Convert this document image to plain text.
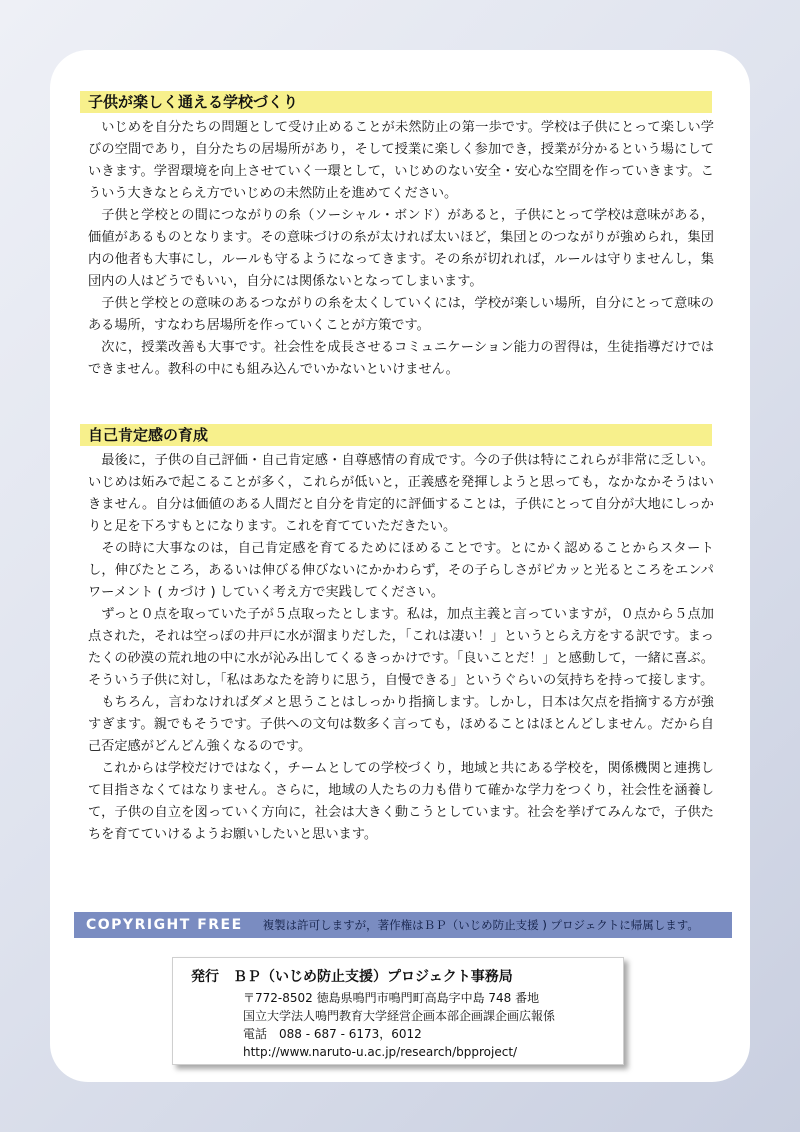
子供が楽しく通える学校づくり

いじめを自分たちの問題として受け止めることが未然防止の第一歩です。学校は子供にとって楽しい学びの空間であり，自分たちの居場所があり，そして授業に楽しく参加でき，授業が分かるという場にしていきます。学習環境を向上させていく一環として，いじめのない安全・安心な空間を作っていきます。こういう大きなとらえ方でいじめの未然防止を進めてください。

子供と学校との間につながりの糸（ソーシャル・ボンド）があると，子供にとって学校は意味がある，価値があるものとなります。その意味づけの糸が太ければ太いほど，集団とのつながりが強められ，集団内の他者も大事にし，ルールも守るようになってきます。その糸が切れれば，ルールは守りませんし，集団内の人はどうでもいい，自分には関係ないとなってしまいます。

子供と学校との意味のあるつながりの糸を太くしていくには，学校が楽しい場所，自分にとって意味のある場所，すなわち居場所を作っていくことが方策です。

次に，授業改善も大事です。社会性を成長させるコミュニケーション能力の習得は，生徒指導だけではできません。教科の中にも組み込んでいかないといけません。

自己肯定感の育成

最後に，子供の自己評価・自己肯定感・自尊感情の育成です。今の子供は特にこれらが非常に乏しい。いじめは妬みで起こることが多く，これらが低いと，正義感を発揮しようと思っても，なかなかそうはいきません。自分は価値のある人間だと自分を肯定的に評価することは，子供にとって自分が大地にしっかりと足を下ろすもとになります。これを育てていただきたい。

その時に大事なのは，自己肯定感を育てるためにほめることです。とにかく認めることからスタートし，伸びたところ，あるいは伸びる伸びないにかかわらず，その子らしさがピカッと光るところをエンパワーメント ( カづけ ) していく考え方で実践してください。

ずっと０点を取っていた子が５点取ったとします。私は，加点主義と言っていますが，０点から５点加点された，それは空っぽの井戸に水が溜まりだした，「これは凄い！」というとらえ方をする訳です。まったくの砂漠の荒れ地の中に水が沁み出してくるきっかけです。「良いことだ！」と感動して，一緒に喜ぶ。そういう子供に対し，「私はあなたを誇りに思う，自慢できる」というぐらいの気持ちを持って接します。

もちろん，言わなければダメと思うことはしっかり指摘します。しかし，日本は欠点を指摘する方が強すぎます。親でもそうです。子供への文句は数多く言っても，ほめることはほとんどしません。だから自己否定感がどんどん強くなるのです。

これからは学校だけではなく，チームとしての学校づくり，地域と共にある学校を，関係機関と連携して目指さなくてはなりません。さらに，地域の人たちの力も借りて確かな学力をつくり，社会性を涵養して，子供の自立を図っていく方向に，社会は大きく動こうとしています。社会を挙げてみんなで，子供たちを育てていけるようお願いしたいと思います。

COPYRIGHT FREE	複製は許可しますが，著作権はＢＰ（いじめ防止支援 ) プロジェクトに帰属します。
発行 ＢＰ（いじめ防止支援）プロジェクト事務局
〒772-8502 徳島県鳴門市鳴門町高島字中島 748 番地
国立大学法人鳴門教育大学経営企画本部企画課企画広報係
電話　088 - 687 - 6173，6012
http://www.naruto-u.ac.jp/research/bpproject/
